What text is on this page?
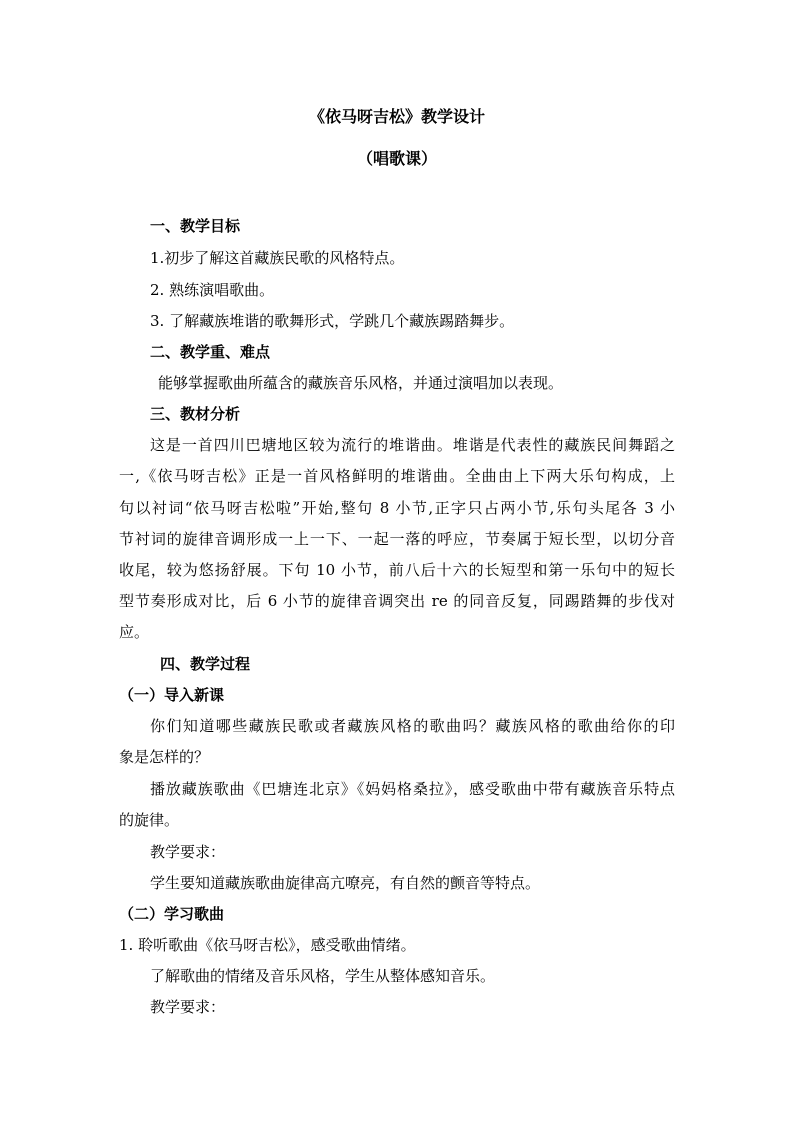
《依马呀吉松》教学设计
（唱歌课）
一、教学目标
1.初步了解这首藏族民歌的风格特点。
2. 熟练演唱歌曲。
3. 了解藏族堆谐的歌舞形式，学跳几个藏族踢踏舞步。
二、教学重、难点
能够掌握歌曲所蕴含的藏族音乐风格，并通过演唱加以表现。
三、教材分析
这是一首四川巴塘地区较为流行的堆谐曲。堆谐是代表性的藏族民间舞蹈之
一,《依马呀吉松》正是一首风格鲜明的堆谐曲。全曲由上下两大乐句构成，上
句以衬词“依马呀吉松啦”开始,整句 8 小节,正字只占两小节,乐句头尾各 3 小
节衬词的旋律音调形成一上一下、一起一落的呼应，节奏属于短长型，以切分音
收尾，较为悠扬舒展。下句 10 小节，前八后十六的长短型和第一乐句中的短长
型节奏形成对比，后 6 小节的旋律音调突出 re 的同音反复，同踢踏舞的步伐对
应。
四、教学过程
（一）导入新课
你们知道哪些藏族民歌或者藏族风格的歌曲吗？藏族风格的歌曲给你的印
象是怎样的？
播放藏族歌曲《巴塘连北京》《妈妈格桑拉》，感受歌曲中带有藏族音乐特点
的旋律。
教学要求：
学生要知道藏族歌曲旋律高亢嘹亮，有自然的颤音等特点。
（二）学习歌曲
1. 聆听歌曲《依马呀吉松》，感受歌曲情绪。
了解歌曲的情绪及音乐风格，学生从整体感知音乐。
教学要求：
